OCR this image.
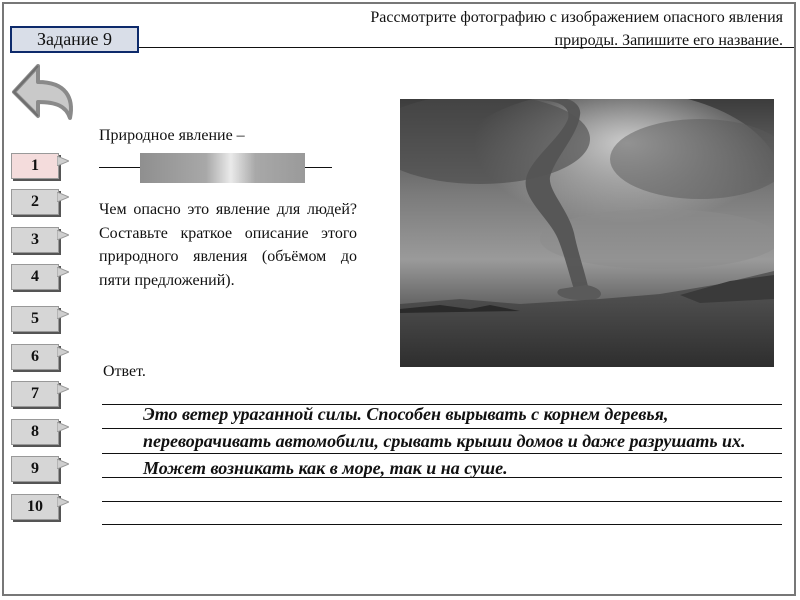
Рассмотрите фотографию с изображением опасного явления природы. Запишите его название.
Задание 9
1
2
3
4
5
6
7
8
9
10
Природное явление –
Чем опасно это явление для людей? Составьте краткое описание этого природного явления (объёмом до пяти предложений).
Ответ.
Это ветер ураганной силы. Способен вырывать с корнем деревья, переворачивать автомобили, срывать крыши домов и даже разрушать их. Может возникать как в море, так и на суше.
